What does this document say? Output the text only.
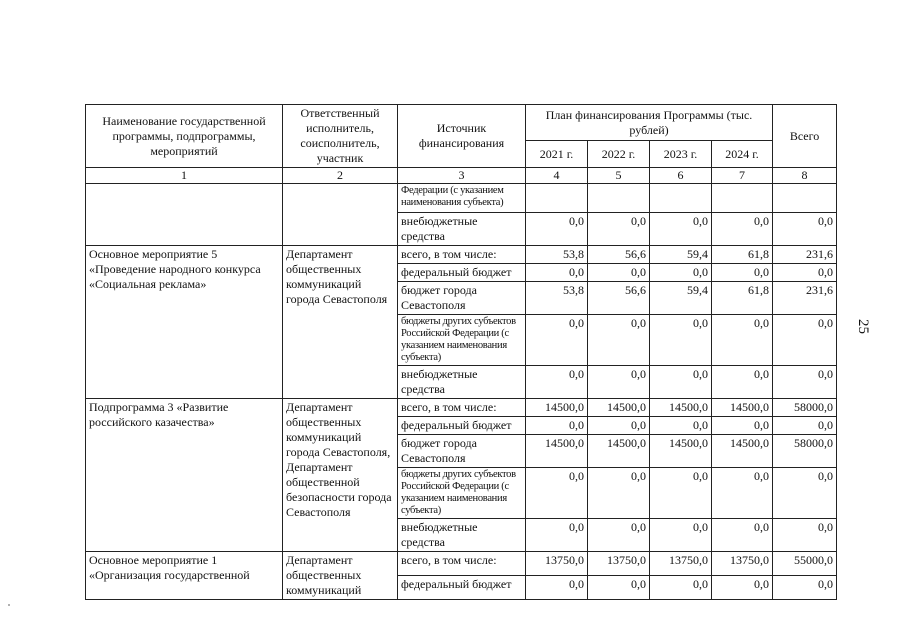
25
Наименование государственной программы, подпрограммы, мероприятий	Ответственный исполнитель, соисполнитель, участник	Источник финансирования	План финансирования Программы (тыс. рублей)				Всего
			2021 г.	2022 г.	2023 г.	2024 г.	
1	2	3	4	5	6	7	8
		Федерации (с указанием наименования субъекта)					
		внебюджетные средства	0,0	0,0	0,0	0,0	0,0
Основное мероприятие 5 «Проведение народного конкурса «Социальная реклама»	Департамент общественных коммуникаций города Севастополя	всего, в том числе:	53,8	56,6	59,4	61,8	231,6
		федеральный бюджет	0,0	0,0	0,0	0,0	0,0
		бюджет города Севастополя	53,8	56,6	59,4	61,8	231,6
		бюджеты других субъектов Российской Федерации (с указанием наименования субъекта)	0,0	0,0	0,0	0,0	0,0
		внебюджетные средства	0,0	0,0	0,0	0,0	0,0
Подпрограмма 3 «Развитие российского казачества»	Департамент общественных коммуникаций города Севастополя, Департамент общественной безопасности города Севастополя	всего, в том числе:	14500,0	14500,0	14500,0	14500,0	58000,0
		федеральный бюджет	0,0	0,0	0,0	0,0	0,0
		бюджет города Севастополя	14500,0	14500,0	14500,0	14500,0	58000,0
		бюджеты других субъектов Российской Федерации (с указанием наименования субъекта)	0,0	0,0	0,0	0,0	0,0
		внебюджетные средства	0,0	0,0	0,0	0,0	0,0
Основное мероприятие 1 «Организация государственной	Департамент общественных коммуникаций	всего, в том числе:	13750,0	13750,0	13750,0	13750,0	55000,0
		федеральный бюджет	0,0	0,0	0,0	0,0	0,0
